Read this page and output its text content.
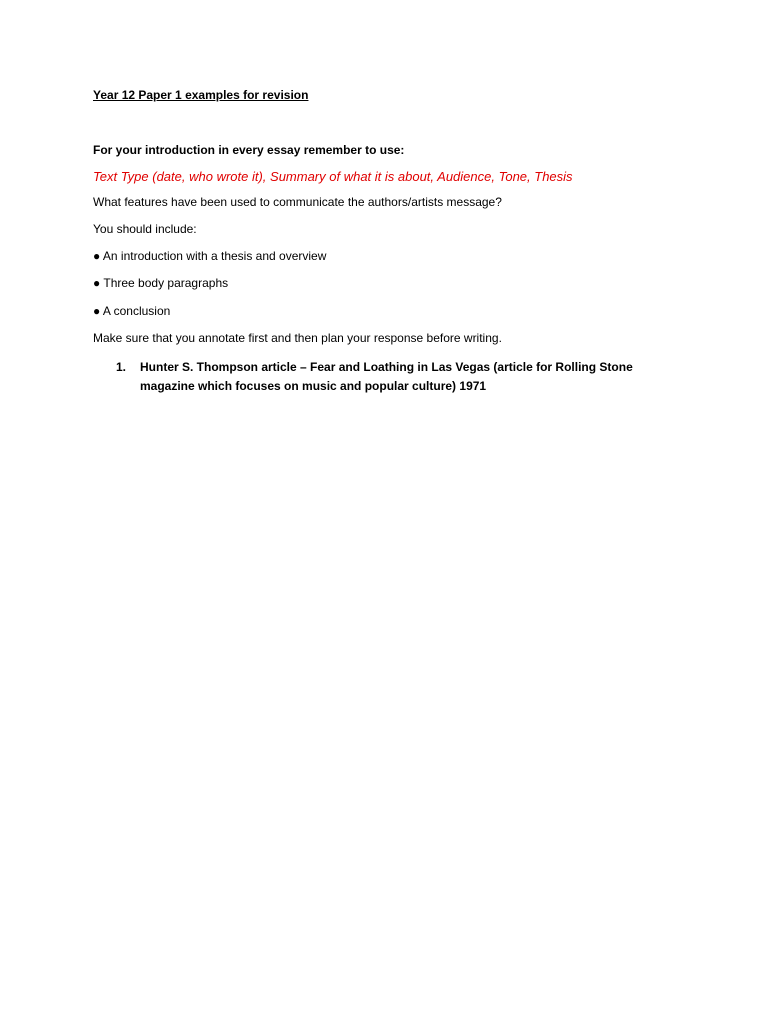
Year 12 Paper 1 examples for revision
For your introduction in every essay remember to use:
Text Type (date, who wrote it), Summary of what it is about, Audience, Tone, Thesis
What features have been used to communicate the authors/artists message?
You should include:
● An introduction with a thesis and overview
● Three body paragraphs
● A conclusion
Make sure that you annotate first and then plan your response before writing.
1.	Hunter S. Thompson article – Fear and Loathing in Las Vegas (article for Rolling Stone magazine which focuses on music and popular culture) 1971
